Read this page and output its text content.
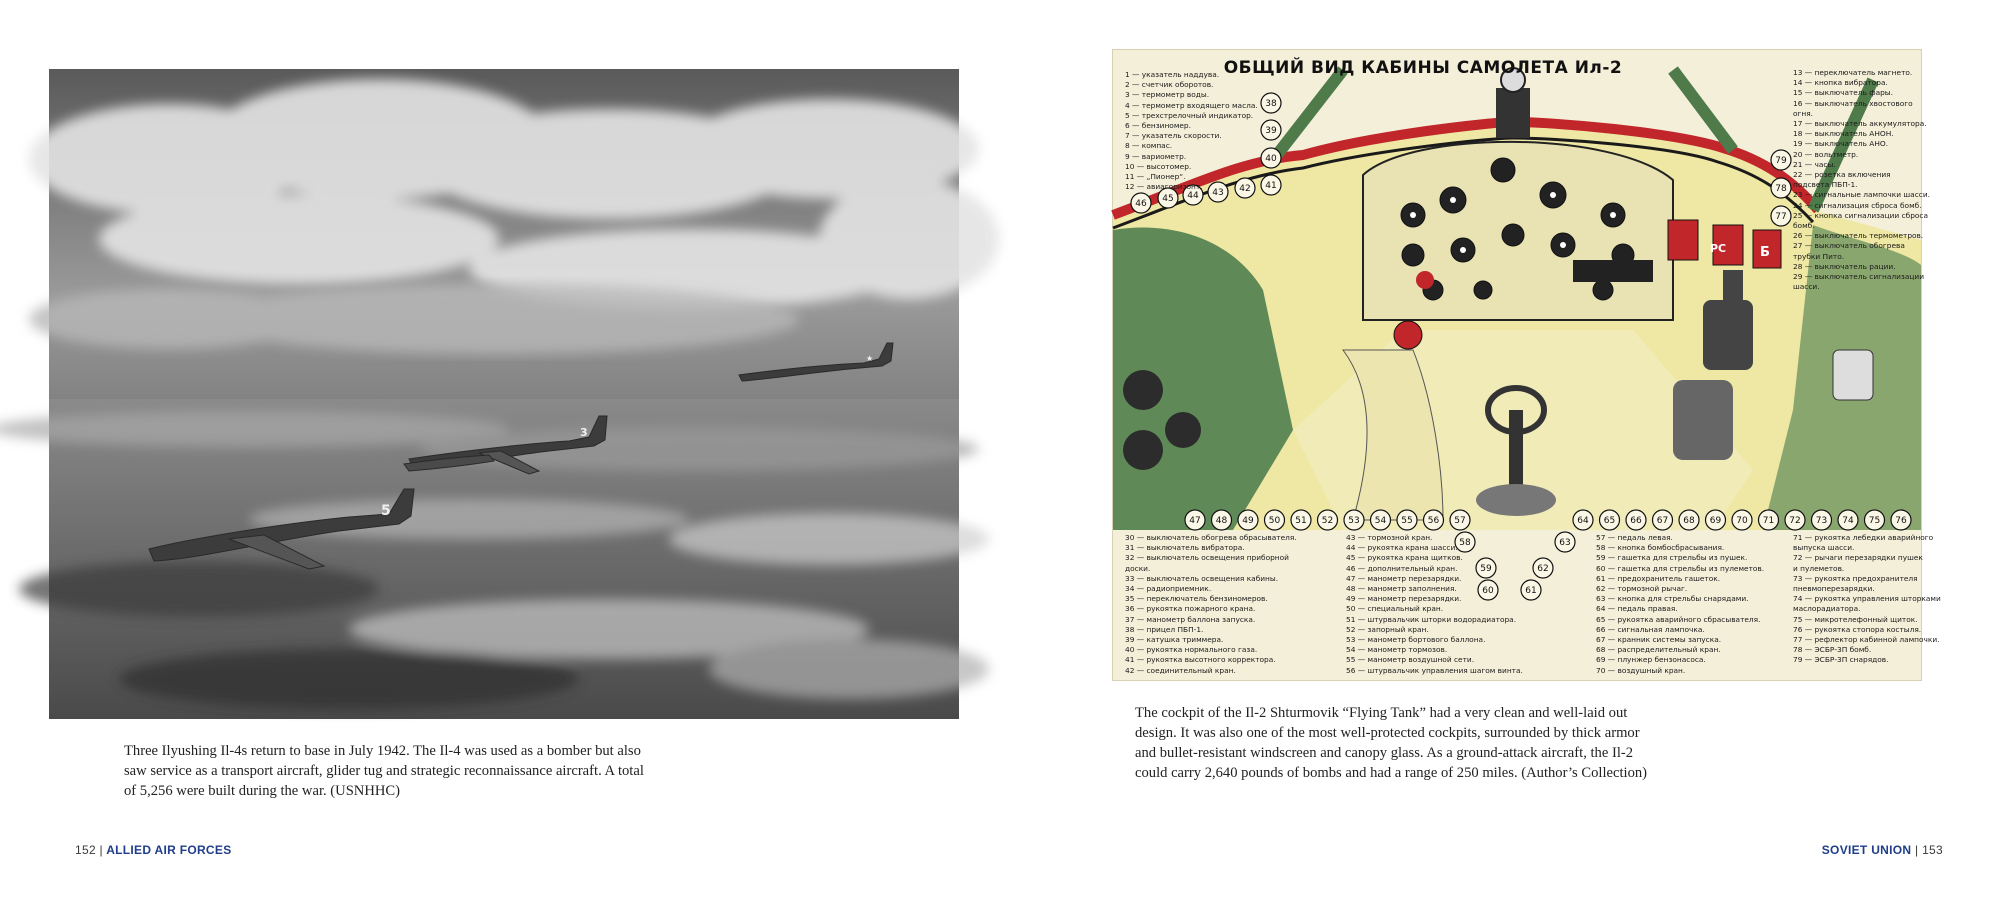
5
3
★

Three Ilyushing Il-4s return to base in July 1942. The Il-4 was used as a bomber but also saw service as a transport aircraft, glider tug and strategic reconnaissance aircraft. A total of 5,256 were built during the war. (USNHHC)

152 | ALLIED AIR FORCES
РС	Б
46 45 44 43 42 41
40
39
38
47 48 49 50 51 52 53 54 55 56 57
58
59
60	61
62
63
64 65 66 67 68 69 70 71 72 73 74 75 76
79
78
77

ОБЩИЙ ВИД КАБИНЫ САМОЛЕТА Ил-2

1 — указатель наддува.
2 — счетчик оборотов.
3 — термометр воды.
4 — термометр входящего масла.
5 — трехстрелочный индикатор.
6 — бензиномер.
7 — указатель скорости.
8 — компас.
9 — вариометр.
10 — высотомер.
11 — „Пионер“.
12 — авиагоризонт.
13 — переключатель магнето.
14 — кнопка вибратора.
15 — выключатель фары.
16 — выключатель хвостового
огня.
17 — выключатель аккумулятора.
18 — выключатель АНОН.
19 — выключатель АНО.
20 — вольтметр.
21 — часы.
22 — розетка включения
подсвета ПБП-1.
23 — сигнальные лампочки шасси.
24 — сигнализация сброса бомб.
25 — кнопка сигнализации сброса
бомб.
26 — выключатель термометров.
27 — выключатель обогрева
трубки Пито.
28 — выключатель рации.
29 — выключатель сигнализации
шасси.
30 — выключатель обогрева обрасывателя.
31 — выключатель вибратора.
32 — выключатель освещения приборной
доски.
33 — выключатель освещения кабины.
34 — радиоприемник.
35 — переключатель бензиномеров.
36 — рукоятка пожарного крана.
37 — манометр баллона запуска.
38 — прицел ПБП-1.
39 — катушка триммера.
40 — рукоятка нормального газа.
41 — рукоятка высотного корректора.
42 — соединительный кран.
43 — тормозной кран.
44 — рукоятка крана шасси.
45 — рукоятка крана щитков.
46 — дополнительный кран.
47 — манометр перезарядки.
48 — манометр заполнения.
49 — манометр перезарядки.
50 — специальный кран.
51 — штурвальчик шторки водорадиатора.
52 — запорный кран.
53 — манометр бортового баллона.
54 — манометр тормозов.
55 — манометр воздушной сети.
56 — штурвальчик управления шагом винта.
57 — педаль левая.
58 — кнопка бомбосбрасывания.
59 — гашетка для стрельбы из пушек.
60 — гашетка для стрельбы из пулеметов.
61 — предохранитель гашеток.
62 — тормозной рычаг.
63 — кнопка для стрельбы снарядами.
64 — педаль правая.
65 — рукоятка аварийного сбрасывателя.
66 — сигнальная лампочка.
67 — кранник системы запуска.
68 — распределительный кран.
69 — плунжер бензонасоса.
70 — воздушный кран.
71 — рукоятка лебедки аварийного
выпуска шасси.
72 — рычаги перезарядки пушек
и пулеметов.
73 — рукоятка предохранителя
пневмоперезарядки.
74 — рукоятка управления шторками
маслорадиатора.
75 — микротелефонный щиток.
76 — рукоятка стопора костыля.
77 — рефлектор кабинной лампочки.
78 — ЭСБР-3П бомб.
79 — ЭСБР-3П снарядов.

The cockpit of the Il-2 Shturmovik “Flying Tank” had a very clean and well-laid out design. It was also one of the most well-protected cockpits, surrounded by thick armor and bullet-resistant windscreen and canopy glass. As a ground-attack aircraft, the Il-2 could carry 2,640 pounds of bombs and had a range of 250 miles. (Author’s Collection)

SOVIET UNION | 153
